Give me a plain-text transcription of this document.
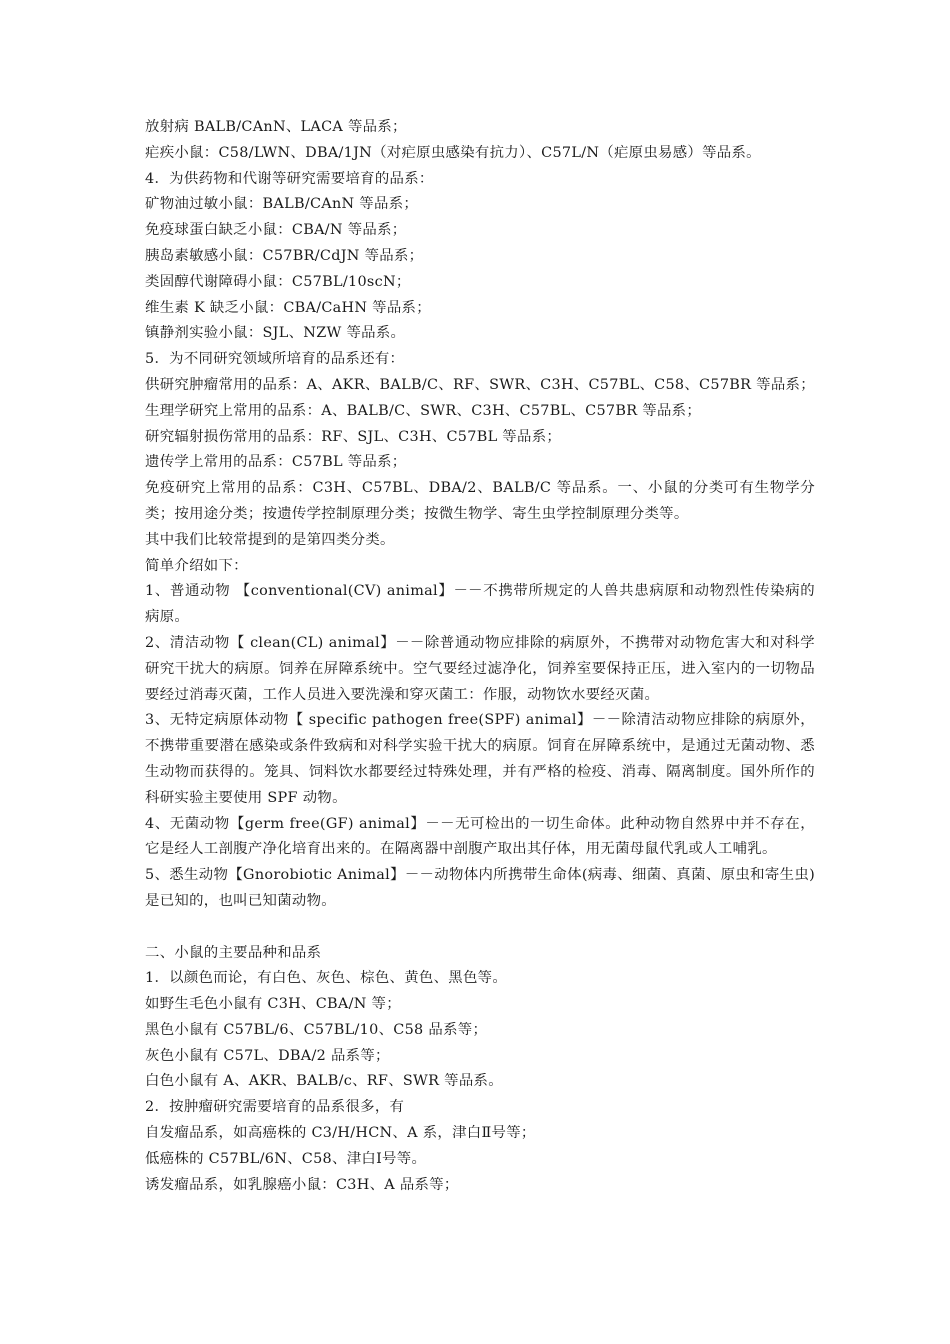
放射病 BALB/CAnN、LACA 等品系；
疟疾小鼠：C58/LWN、DBA/1JN（对疟原虫感染有抗力）、C57L/N（疟原虫易感）等品系。
4．为供药物和代谢等研究需要培育的品系：
矿物油过敏小鼠：BALB/CAnN 等品系；
免疫球蛋白缺乏小鼠：CBA/N 等品系；
胰岛素敏感小鼠：C57BR/CdJN 等品系；
类固醇代谢障碍小鼠：C57BL/10scN；
维生素 K 缺乏小鼠：CBA/CaHN 等品系；
镇静剂实验小鼠：SJL、NZW 等品系。
5．为不同研究领域所培育的品系还有：
供研究肿瘤常用的品系：A、AKR、BALB/C、RF、SWR、C3H、C57BL、C58、C57BR 等品系；
生理学研究上常用的品系：A、BALB/C、SWR、C3H、C57BL、C57BR 等品系；
研究辐射损伤常用的品系：RF、SJL、C3H、C57BL 等品系；
遗传学上常用的品系：C57BL 等品系；
免疫研究上常用的品系：C3H、C57BL、DBA/2、BALB/C 等品系。一、小鼠的分类可有生物学分类；按用途分类；按遗传学控制原理分类；按微生物学、寄生虫学控制原理分类等。
其中我们比较常提到的是第四类分类。
简单介绍如下：
1、普通动物 【conventional(CV) animal】－－不携带所规定的人兽共患病原和动物烈性传染病的病原。
2、清洁动物【 clean(CL) animal】－－除普通动物应排除的病原外，不携带对动物危害大和对科学研究干扰大的病原。饲养在屏障系统中。空气要经过滤净化，饲养室要保持正压，进入室内的一切物品要经过消毒灭菌，工作人员进入要洗澡和穿灭菌工：作服，动物饮水要经灭菌。
3、无特定病原体动物【 specific pathogen free(SPF) animal】－－除清洁动物应排除的病原外，不携带重要潜在感染或条件致病和对科学实验干扰大的病原。饲育在屏障系统中，是通过无菌动物、悉生动物而获得的。笼具、饲料饮水都要经过特殊处理，并有严格的检疫、消毒、隔离制度。国外所作的科研实验主要使用 SPF 动物。
4、无菌动物【germ free(GF) animal】－－无可检出的一切生命体。此种动物自然界中并不存在，它是经人工剖腹产净化培育出来的。在隔离器中剖腹产取出其仔体，用无菌母鼠代乳或人工哺乳。
5、悉生动物【Gnorobiotic Animal】－－动物体内所携带生命体(病毒、细菌、真菌、原虫和寄生虫)是已知的，也叫已知菌动物。
二、小鼠的主要品种和品系
1．以颜色而论，有白色、灰色、棕色、黄色、黑色等。
如野生毛色小鼠有 C3H、CBA/N 等；
黑色小鼠有 C57BL/6、C57BL/10、C58 品系等；
灰色小鼠有 C57L、DBA/2 品系等；
白色小鼠有 A、AKR、BALB/c、RF、SWR 等品系。
2．按肿瘤研究需要培育的品系很多，有
自发瘤品系，如高癌株的 C3/H/HCN、A 系，津白Ⅱ号等；
低癌株的 C57BL/6N、C58、津白Ⅰ号等。
诱发瘤品系，如乳腺癌小鼠：C3H、A 品系等；
